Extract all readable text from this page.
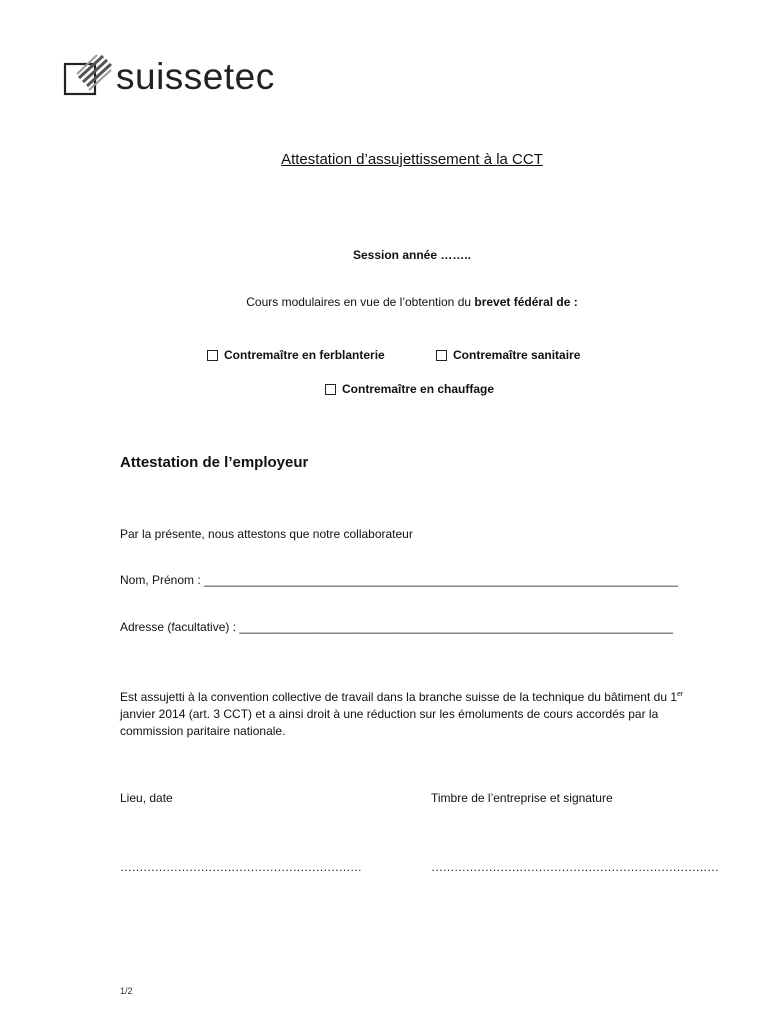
suissetec
Attestation d’assujettissement à la CCT
Session année ……..
Cours modulaires en vue de l’obtention du brevet fédéral de :
Contremaître en ferblanterie	Contremaître sanitaire
Contremaître en chauffage
Attestation de l’employeur
Par la présente, nous attestons que notre collaborateur
Nom, Prénom : _______________________________________________________________________
Adresse (facultative) : _________________________________________________________________
Est assujetti à la convention collective de travail dans la branche suisse de la technique du bâtiment du 1er janvier 2014 (art. 3 CCT) et a ainsi droit à une réduction sur les émoluments de cours accordés par la commission paritaire nationale.
Lieu, date	Timbre de l’entreprise et signature
………………………………………………………	…………………………………………………………………
1/2
